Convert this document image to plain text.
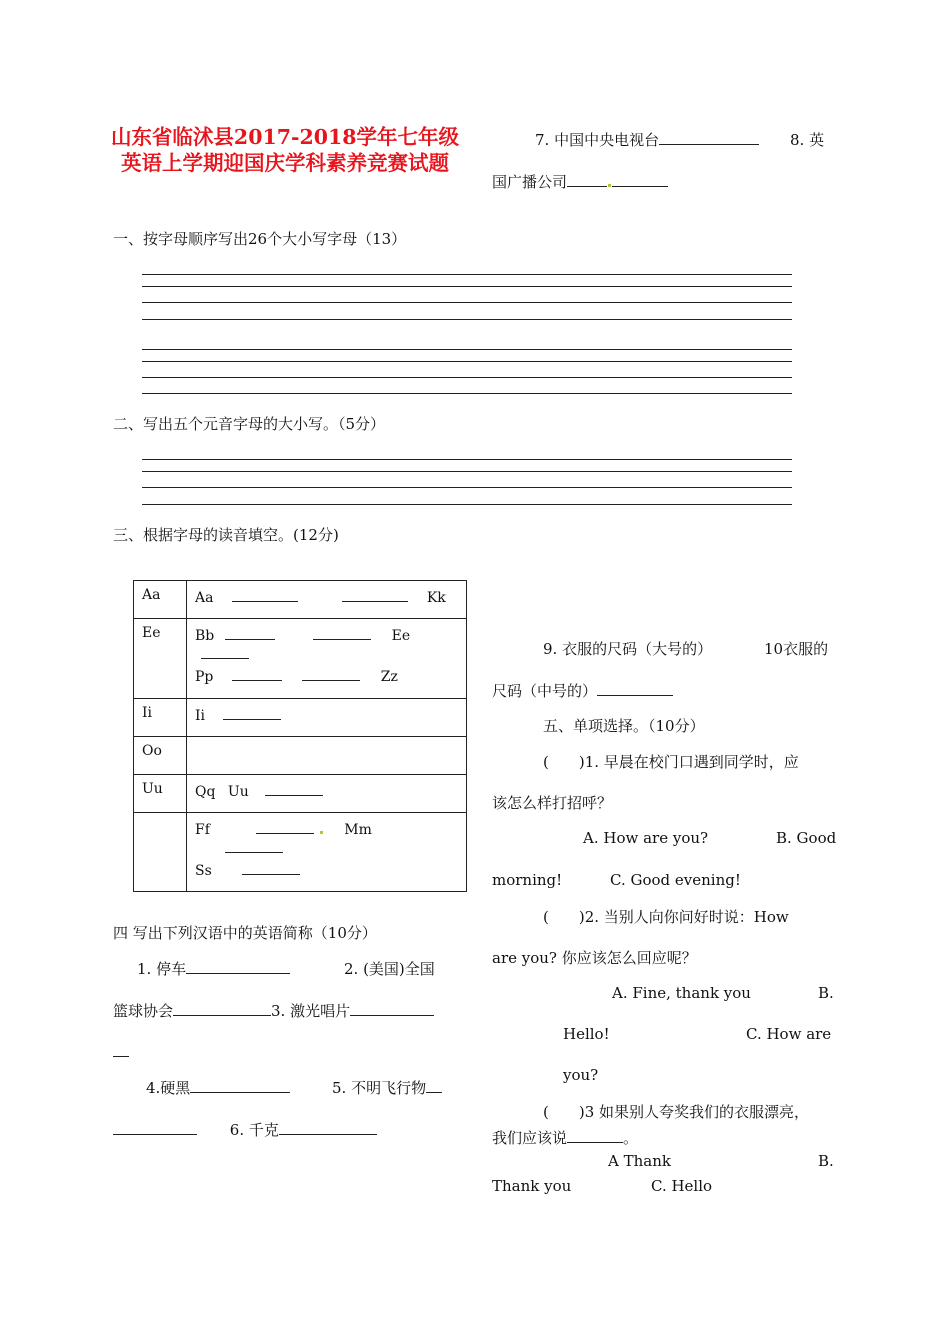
山东省临沭县2017-2018学年七年级英语上学期迎国庆学科素养竞赛试题
一、按字母顺序写出26个大小写字母（13）
二、写出五个元音字母的大小写。（5分）
三、根据字母的读音填空。(12分)
Aa	Aa Kk
Ee	Bb Ee
Pp Zz

Ii	Ii
Oo	
Uu	Qq Uu

	Ff Mm
Ss
四 写出下列汉语中的英语简称（10分）
1. 停车	2. (美国)全国
篮球协会	3. 激光唱片
4.硬黑	5. 不明飞行物
6. 千克
7. 中国中央电视台	8. 英
国广播公司
9. 衣服的尺码（大号的）	10衣服的
尺码（中号的）
五、单项选择。（10分）
(　　)1. 早晨在校门口遇到同学时，应
该怎么样打招呼？
A. How are you?	B. Good
morning!	C. Good evening!
(　　)2. 当别人向你问好时说：How
are you? 你应该怎么回应呢？
A. Fine, thank you	B.
Hello!	C. How are
you?
(　　)3 如果别人夸奖我们的衣服漂亮，
我们应该说	。
A Thank	B.
Thank you	C. Hello
